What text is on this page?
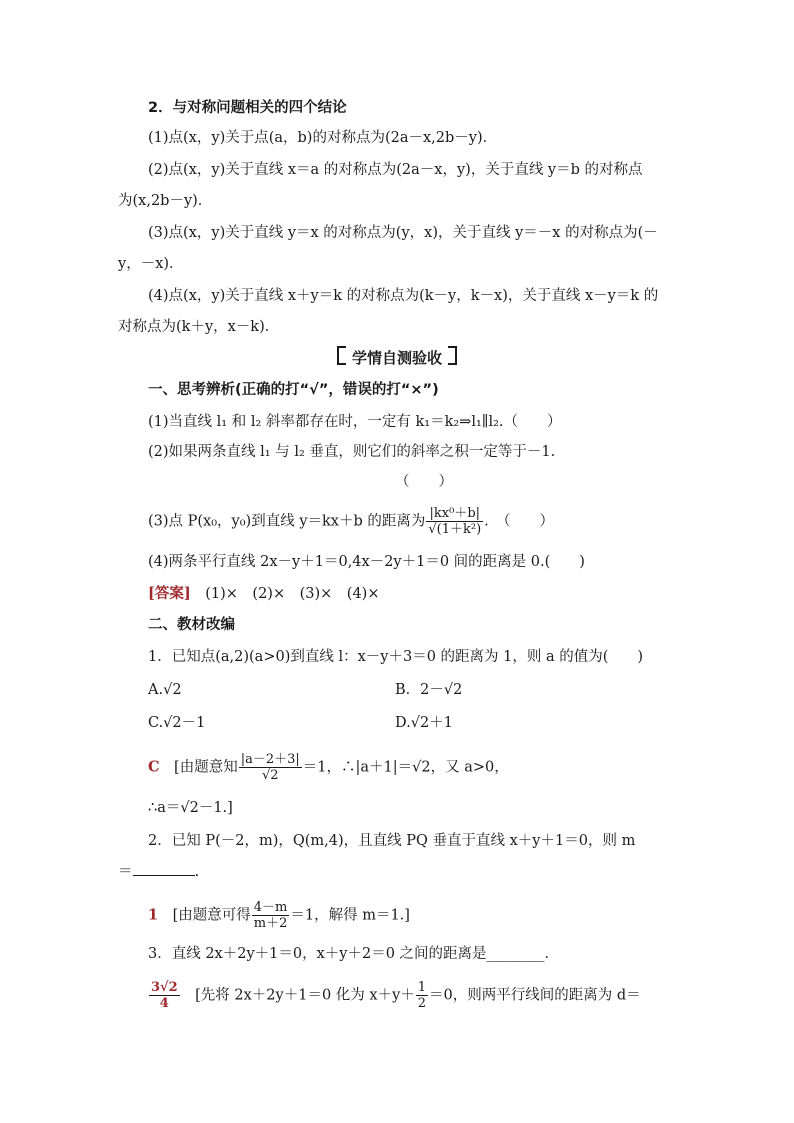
2．与对称问题相关的四个结论
(1)点(x，y)关于点(a，b)的对称点为(2a－x,2b－y)．
(2)点(x，y)关于直线 x＝a 的对称点为(2a－x，y)，关于直线 y＝b 的对称点
为(x,2b－y)．
(3)点(x，y)关于直线 y＝x 的对称点为(y，x)，关于直线 y＝－x 的对称点为(－
y，－x)．
(4)点(x，y)关于直线 x＋y＝k 的对称点为(k－y，k－x)，关于直线 x－y＝k 的
对称点为(k＋y，x－k)．
学情自测验收
一、思考辨析(正确的打“√”，错误的打“×”)
(1)当直线 l₁ 和 l₂ 斜率都存在时，一定有 k₁＝k₂⇒l₁∥l₂.（　　）
(2)如果两条直线 l₁ 与 l₂ 垂直，则它们的斜率之积一定等于－1.
（　　）
(3)点 P(x₀，y₀)到直线 y＝kx＋b 的距离为 $\frac{\text{|kx⁰＋b|}}{\text{√(1＋k²)}}$ .　（　　）
(4)两条平行直线 2x－y＋1＝0,4x－2y＋1＝0 间的距离是 0.(　　)
[答案]　 (1)×　(2)×　(3)×　(4)×
二、教材改编
1．已知点(a,2)(a>0)到直线 l：x－y＋3＝0 的距离为 1，则 a 的值为(　　)
A.√2	B．2－√2
C.√2－1	D.√2＋1
C　 [由题意知 $\frac{|a-2+3|}{√2} =1$，∴|a＋1|＝√2，又 a>0，
∴a＝√2－1.]
2．已知 P(－2，m)，Q(m,4)，且直线 PQ 垂直于直线 x＋y＋1＝0，则 m
＝	.
1　 [由题意可得 $\frac{4-m}{m+2} =1$，解得 m＝1.]
3．直线 2x＋2y＋1＝0，x＋y＋2＝0 之间的距离是________．
$\frac{3√2}{4}$
　 [先将 2x＋2y＋1＝0 化为 $x+y+ \frac{1}{2} =0$，则两平行线间的距离为 d＝
